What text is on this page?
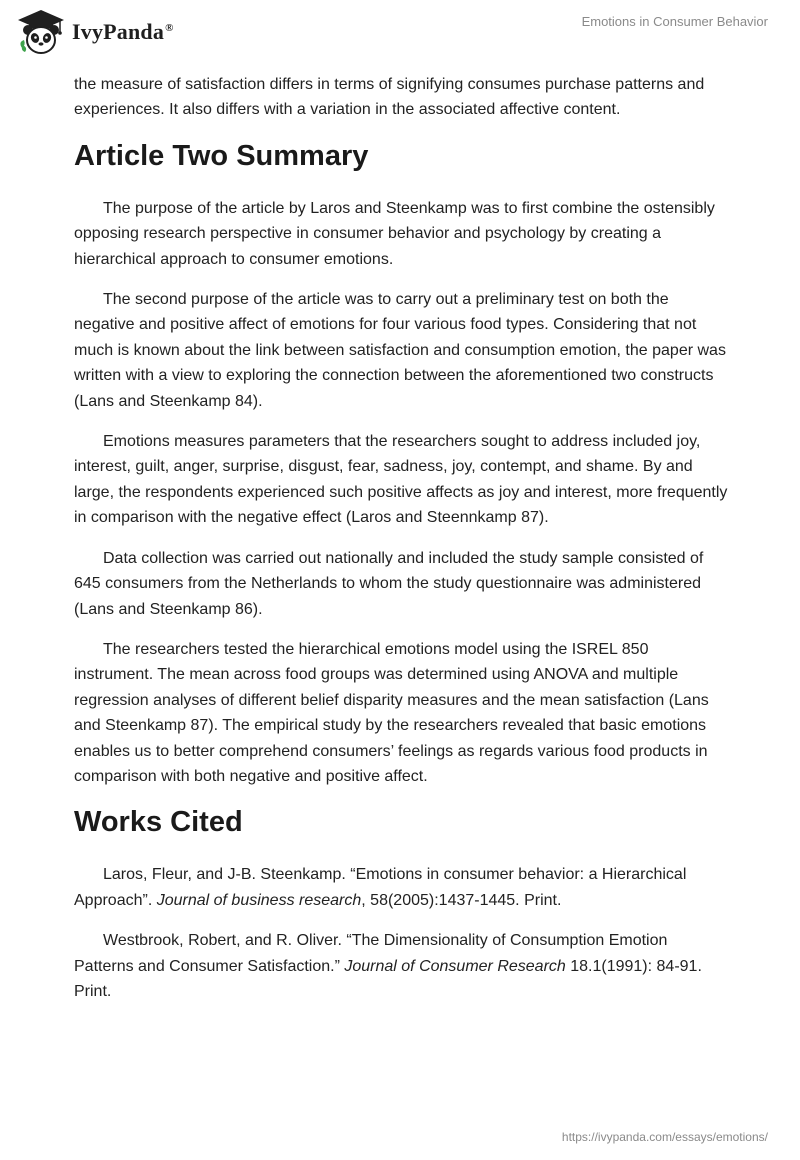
IvyPanda®	Emotions in Consumer Behavior

the measure of satisfaction differs in terms of signifying consumes purchase patterns and experiences. It also differs with a variation in the associated affective content.

Article Two Summary

The purpose of the article by Laros and Steenkamp was to first combine the ostensibly opposing research perspective in consumer behavior and psychology by creating a hierarchical approach to consumer emotions.

The second purpose of the article was to carry out a preliminary test on both the negative and positive affect of emotions for four various food types. Considering that not much is known about the link between satisfaction and consumption emotion, the paper was written with a view to exploring the connection between the aforementioned two constructs (Lans and Steenkamp 84).

Emotions measures parameters that the researchers sought to address included joy, interest, guilt, anger, surprise, disgust, fear, sadness, joy, contempt, and shame. By and large, the respondents experienced such positive affects as joy and interest, more frequently in comparison with the negative effect (Laros and Steennkamp 87).

Data collection was carried out nationally and included the study sample consisted of 645 consumers from the Netherlands to whom the study questionnaire was administered (Lans and Steenkamp 86).

The researchers tested the hierarchical emotions model using the ISREL 850 instrument. The mean across food groups was determined using ANOVA and multiple regression analyses of different belief disparity measures and the mean satisfaction (Lans and Steenkamp 87). The empirical study by the researchers revealed that basic emotions enables us to better comprehend consumers’ feelings as regards various food products in comparison with both negative and positive affect.

Works Cited

Laros, Fleur, and J-B. Steenkamp. “Emotions in consumer behavior: a Hierarchical Approach”. Journal of business research, 58(2005):1437-1445. Print.

Westbrook, Robert, and R. Oliver. “The Dimensionality of Consumption Emotion Patterns and Consumer Satisfaction.” Journal of Consumer Research 18.1(1991): 84-91. Print.

https://ivypanda.com/essays/emotions/
